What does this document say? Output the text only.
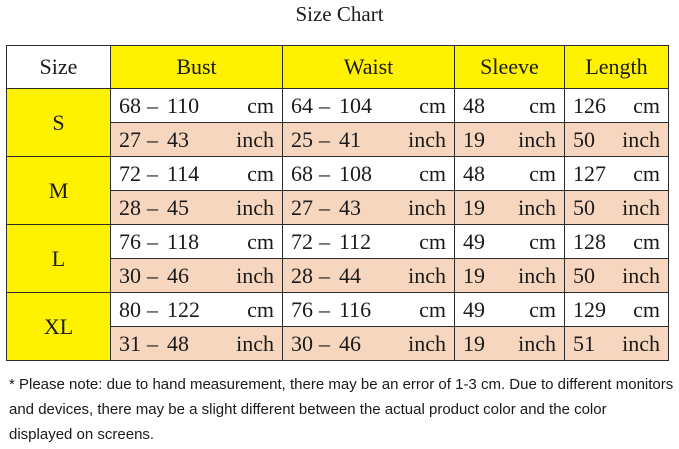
Size Chart
Size	Bust	Waist	Sleeve	Length
S	68 – 110 cm	64 – 104 cm	48 cm	126 cm

	27 – 43 inch	25 – 41 inch	19 inch	50 inch

M	72 – 114 cm	68 – 108 cm	48 cm	127 cm

	28 – 45 inch	27 – 43 inch	19 inch	50 inch

L	76 – 118 cm	72 – 112 cm	49 cm	128 cm

	30 – 46 inch	28 – 44 inch	19 inch	50 inch

XL	80 – 122 cm	76 – 116 cm	49 cm	129 cm

	31 – 48 inch	30 – 46 inch	19 inch	51 inch
* Please note: due to hand measurement, there may be an error of 1-3 cm. Due to different monitors and devices, there may be a slight different between the actual product color and the color displayed on screens.
